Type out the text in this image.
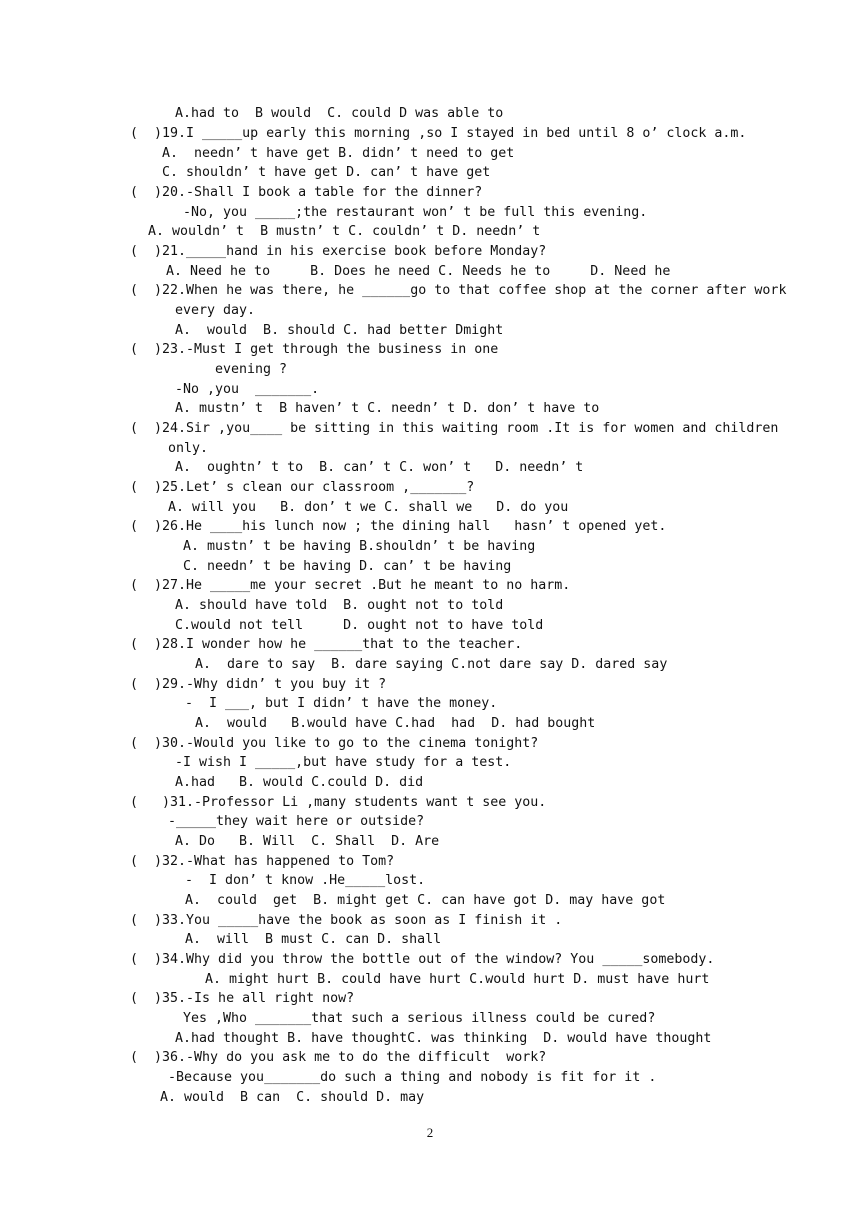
A.had to  B would  C. could D was able to
(  )19.I _____up early this morning ,so I stayed in bed until 8 o’ clock a.m.
A.  needn’ t have get B. didn’ t need to get
C. shouldn’ t have get D. can’ t have get
(  )20.-Shall I book a table for the dinner?
-No, you _____;the restaurant won’ t be full this evening.
A. wouldn’ t  B mustn’ t C. couldn’ t D. needn’ t
(  )21._____hand in his exercise book before Monday?
A. Need he to     B. Does he need C. Needs he to     D. Need he
(  )22.When he was there, he ______go to that coffee shop at the corner after work
every day.
A.  would  B. should C. had better Dmight
(  )23.-Must I get through the business in one
evening ?
-No ,you  _______.
A. mustn’ t  B haven’ t C. needn’ t D. don’ t have to
(  )24.Sir ,you____ be sitting in this waiting room .It is for women and children
only.
A.  oughtn’ t to  B. can’ t C. won’ t   D. needn’ t
(  )25.Let’ s clean our classroom ,_______?
A. will you   B. don’ t we C. shall we   D. do you
(  )26.He ____his lunch now ; the dining hall   hasn’ t opened yet.
A. mustn’ t be having B.shouldn’ t be having
C. needn’ t be having D. can’ t be having
(  )27.He _____me your secret .But he meant to no harm.
A. should have told  B. ought not to told
C.would not tell     D. ought not to have told
(  )28.I wonder how he ______that to the teacher.
A.  dare to say  B. dare saying C.not dare say D. dared say
(  )29.-Why didn’ t you buy it ?
-  I ___, but I didn’ t have the money.
A.  would   B.would have C.had  had  D. had bought
(  )30.-Would you like to go to the cinema tonight?
-I wish I _____,but have study for a test.
A.had   B. would C.could D. did
(   )31.-Professor Li ,many students want t see you.
-_____they wait here or outside?
A. Do   B. Will  C. Shall  D. Are
(  )32.-What has happened to Tom?
-  I don’ t know .He_____lost.
A.  could  get  B. might get C. can have got D. may have got
(  )33.You _____have the book as soon as I finish it .
A.  will  B must C. can D. shall
(  )34.Why did you throw the bottle out of the window? You _____somebody.
A. might hurt B. could have hurt C.would hurt D. must have hurt
(  )35.-Is he all right now?
Yes ,Who _______that such a serious illness could be cured?
A.had thought B. have thoughtC. was thinking  D. would have thought
(  )36.-Why do you ask me to do the difficult  work?
-Because you_______do such a thing and nobody is fit for it .
A. would  B can  C. should D. may
2
